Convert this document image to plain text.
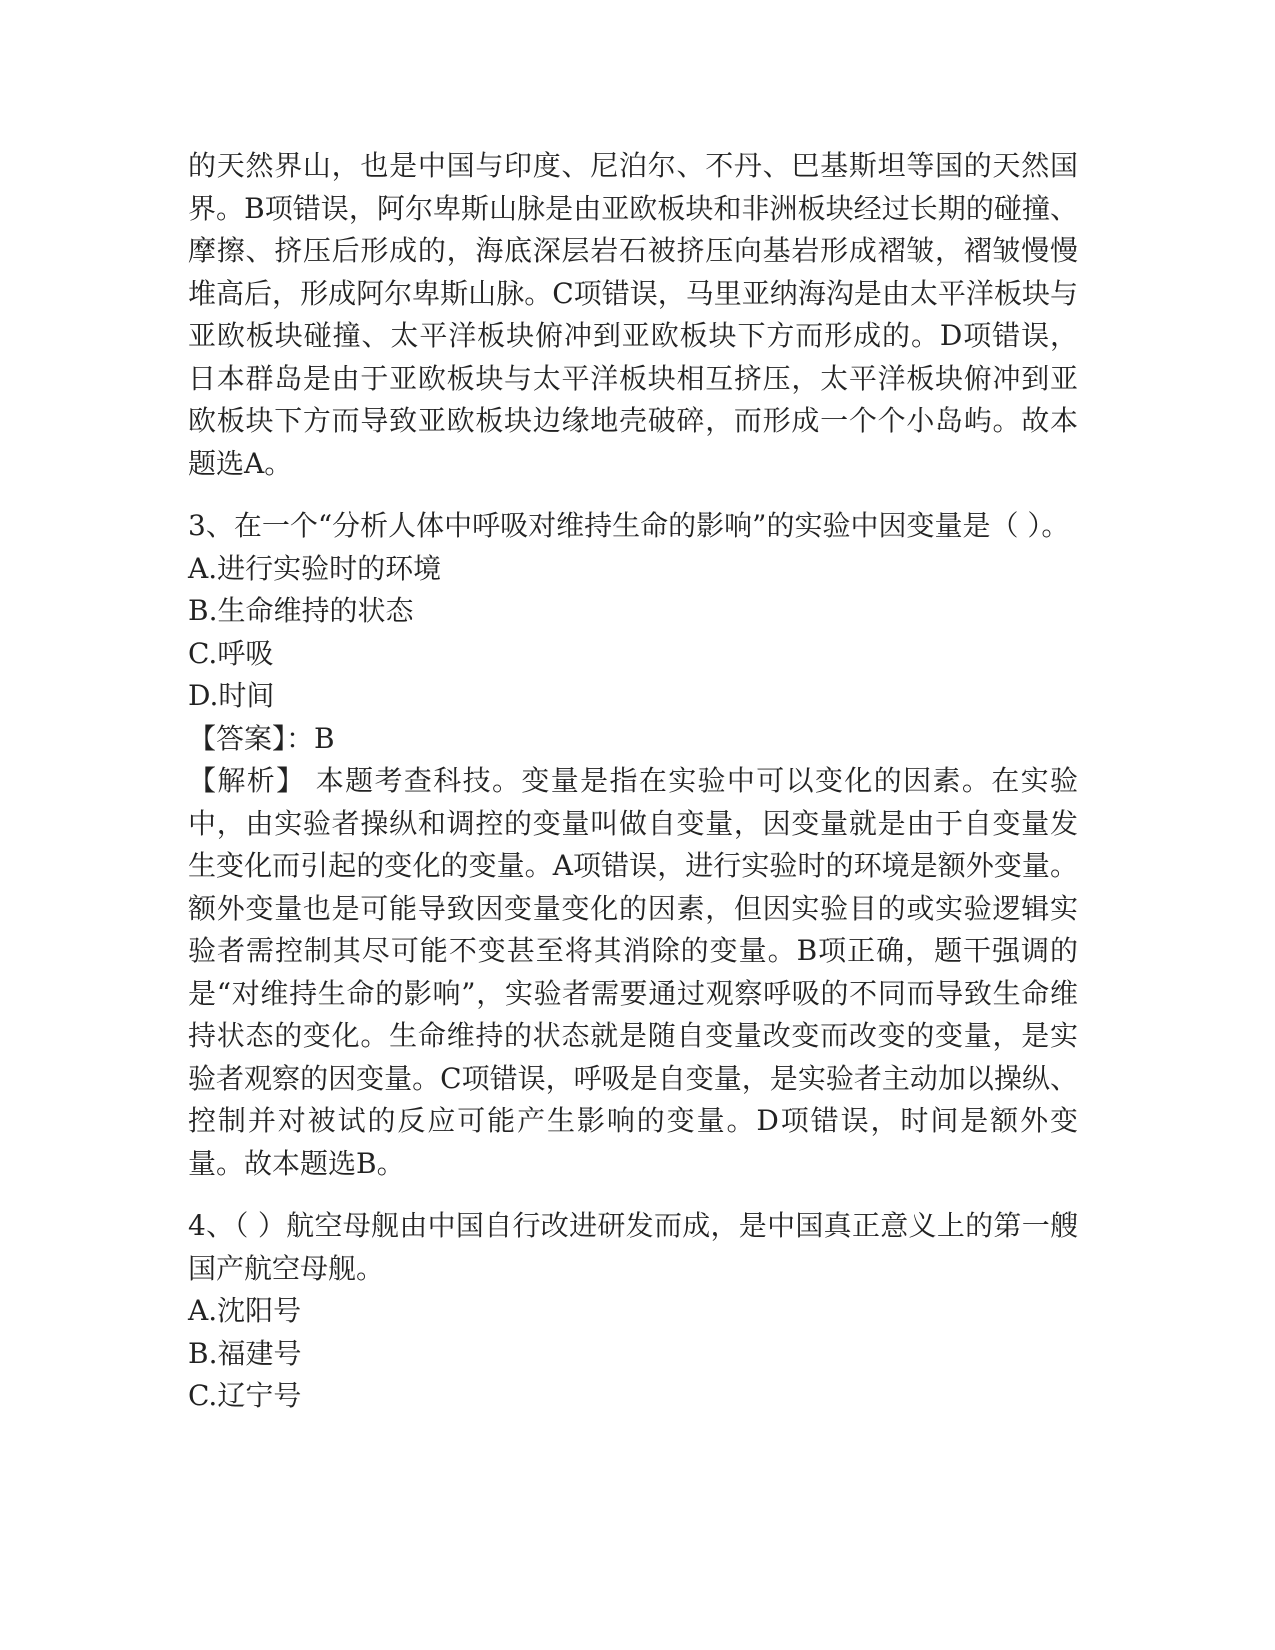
的天然界山，也是中国与印度、尼泊尔、不丹、巴基斯坦等国的天然国界。B项错误，阿尔卑斯山脉是由亚欧板块和非洲板块经过长期的碰撞、摩擦、挤压后形成的，海底深层岩石被挤压向基岩形成褶皱，褶皱慢慢堆高后，形成阿尔卑斯山脉。C项错误，马里亚纳海沟是由太平洋板块与亚欧板块碰撞、太平洋板块俯冲到亚欧板块下方而形成的。D项错误，日本群岛是由于亚欧板块与太平洋板块相互挤压，太平洋板块俯冲到亚欧板块下方而导致亚欧板块边缘地壳破碎，而形成一个个小岛屿。故本题选A。

3、在一个“分析人体中呼吸对维持生命的影响”的实验中因变量是（ ）。

A.进行实验时的环境

B.生命维持的状态

C.呼吸

D.时间

【答案】：B

【解析】 本题考查科技。变量是指在实验中可以变化的因素。在实验中，由实验者操纵和调控的变量叫做自变量，因变量就是由于自变量发生变化而引起的变化的变量。A项错误，进行实验时的环境是额外变量。额外变量也是可能导致因变量变化的因素，但因实验目的或实验逻辑实验者需控制其尽可能不变甚至将其消除的变量。B项正确，题干强调的是“对维持生命的影响”，实验者需要通过观察呼吸的不同而导致生命维持状态的变化。生命维持的状态就是随自变量改变而改变的变量，是实验者观察的因变量。C项错误，呼吸是自变量，是实验者主动加以操纵、控制并对被试的反应可能产生影响的变量。D项错误，时间是额外变量。故本题选B。

4、（ ）航空母舰由中国自行改进研发而成，是中国真正意义上的第一艘国产航空母舰。

A.沈阳号

B.福建号

C.辽宁号
